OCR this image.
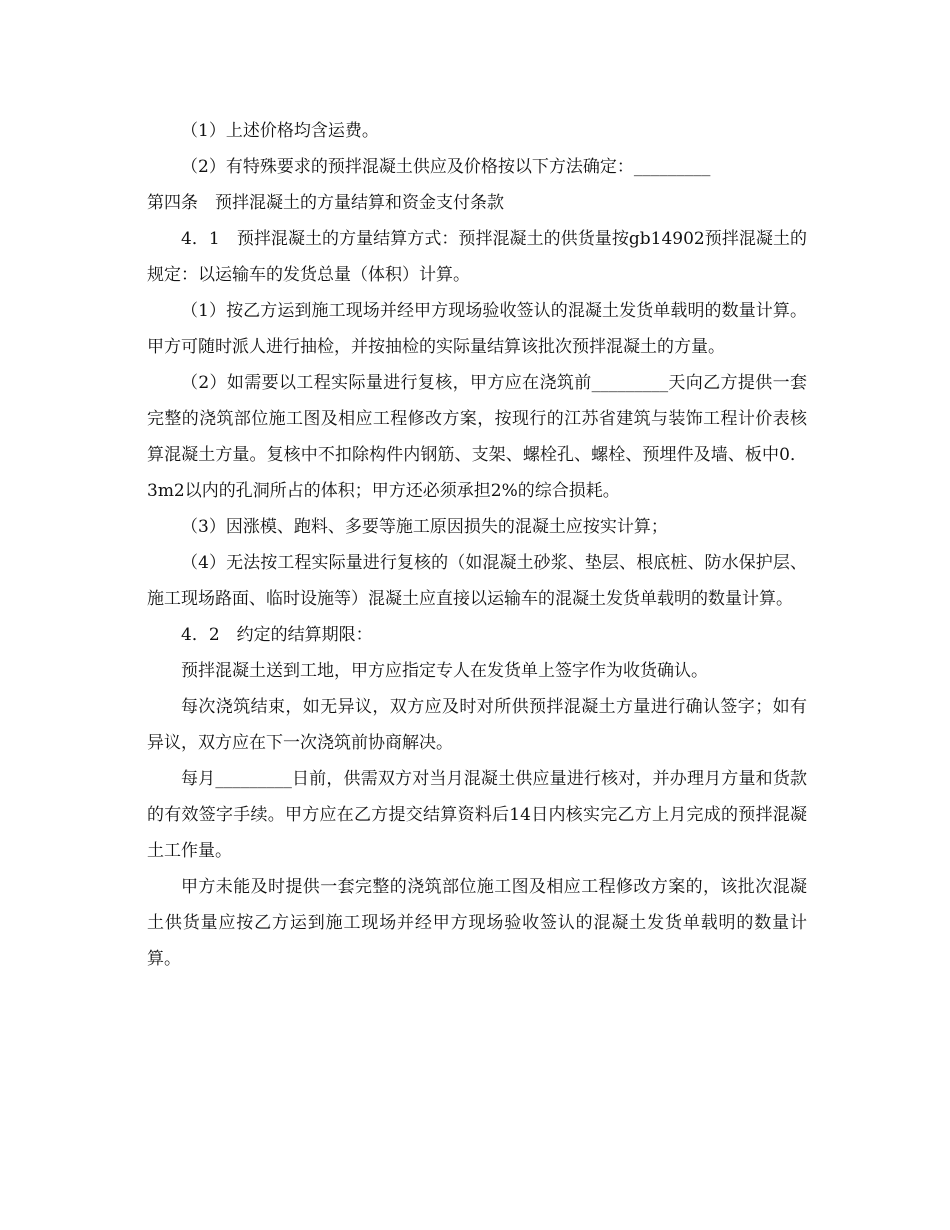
（1）上述价格均含运费。

（2）有特殊要求的预拌混凝土供应及价格按以下方法确定：_________

第四条　预拌混凝土的方量结算和资金支付条款

4．1　预拌混凝土的方量结算方式：预拌混凝土的供货量按gb14902预拌混凝土的规定：以运输车的发货总量（体积）计算。

（1）按乙方运到施工现场并经甲方现场验收签认的混凝土发货单载明的数量计算。甲方可随时派人进行抽检，并按抽检的实际量结算该批次预拌混凝土的方量。

（2）如需要以工程实际量进行复核，甲方应在浇筑前_________天向乙方提供一套完整的浇筑部位施工图及相应工程修改方案，按现行的江苏省建筑与装饰工程计价表核算混凝土方量。复核中不扣除构件内钢筋、支架、螺栓孔、螺栓、预埋件及墙、板中0．3m2以内的孔洞所占的体积；甲方还必须承担2%的综合损耗。

（3）因涨模、跑料、多要等施工原因损失的混凝土应按实计算；

（4）无法按工程实际量进行复核的（如混凝土砂浆、垫层、根底桩、防水保护层、施工现场路面、临时设施等）混凝土应直接以运输车的混凝土发货单载明的数量计算。

4．2　约定的结算期限：

预拌混凝土送到工地，甲方应指定专人在发货单上签字作为收货确认。

每次浇筑结束，如无异议，双方应及时对所供预拌混凝土方量进行确认签字；如有异议，双方应在下一次浇筑前协商解决。

每月_________日前，供需双方对当月混凝土供应量进行核对，并办理月方量和货款的有效签字手续。甲方应在乙方提交结算资料后14日内核实完乙方上月完成的预拌混凝土工作量。

甲方未能及时提供一套完整的浇筑部位施工图及相应工程修改方案的，该批次混凝土供货量应按乙方运到施工现场并经甲方现场验收签认的混凝土发货单载明的数量计算。
